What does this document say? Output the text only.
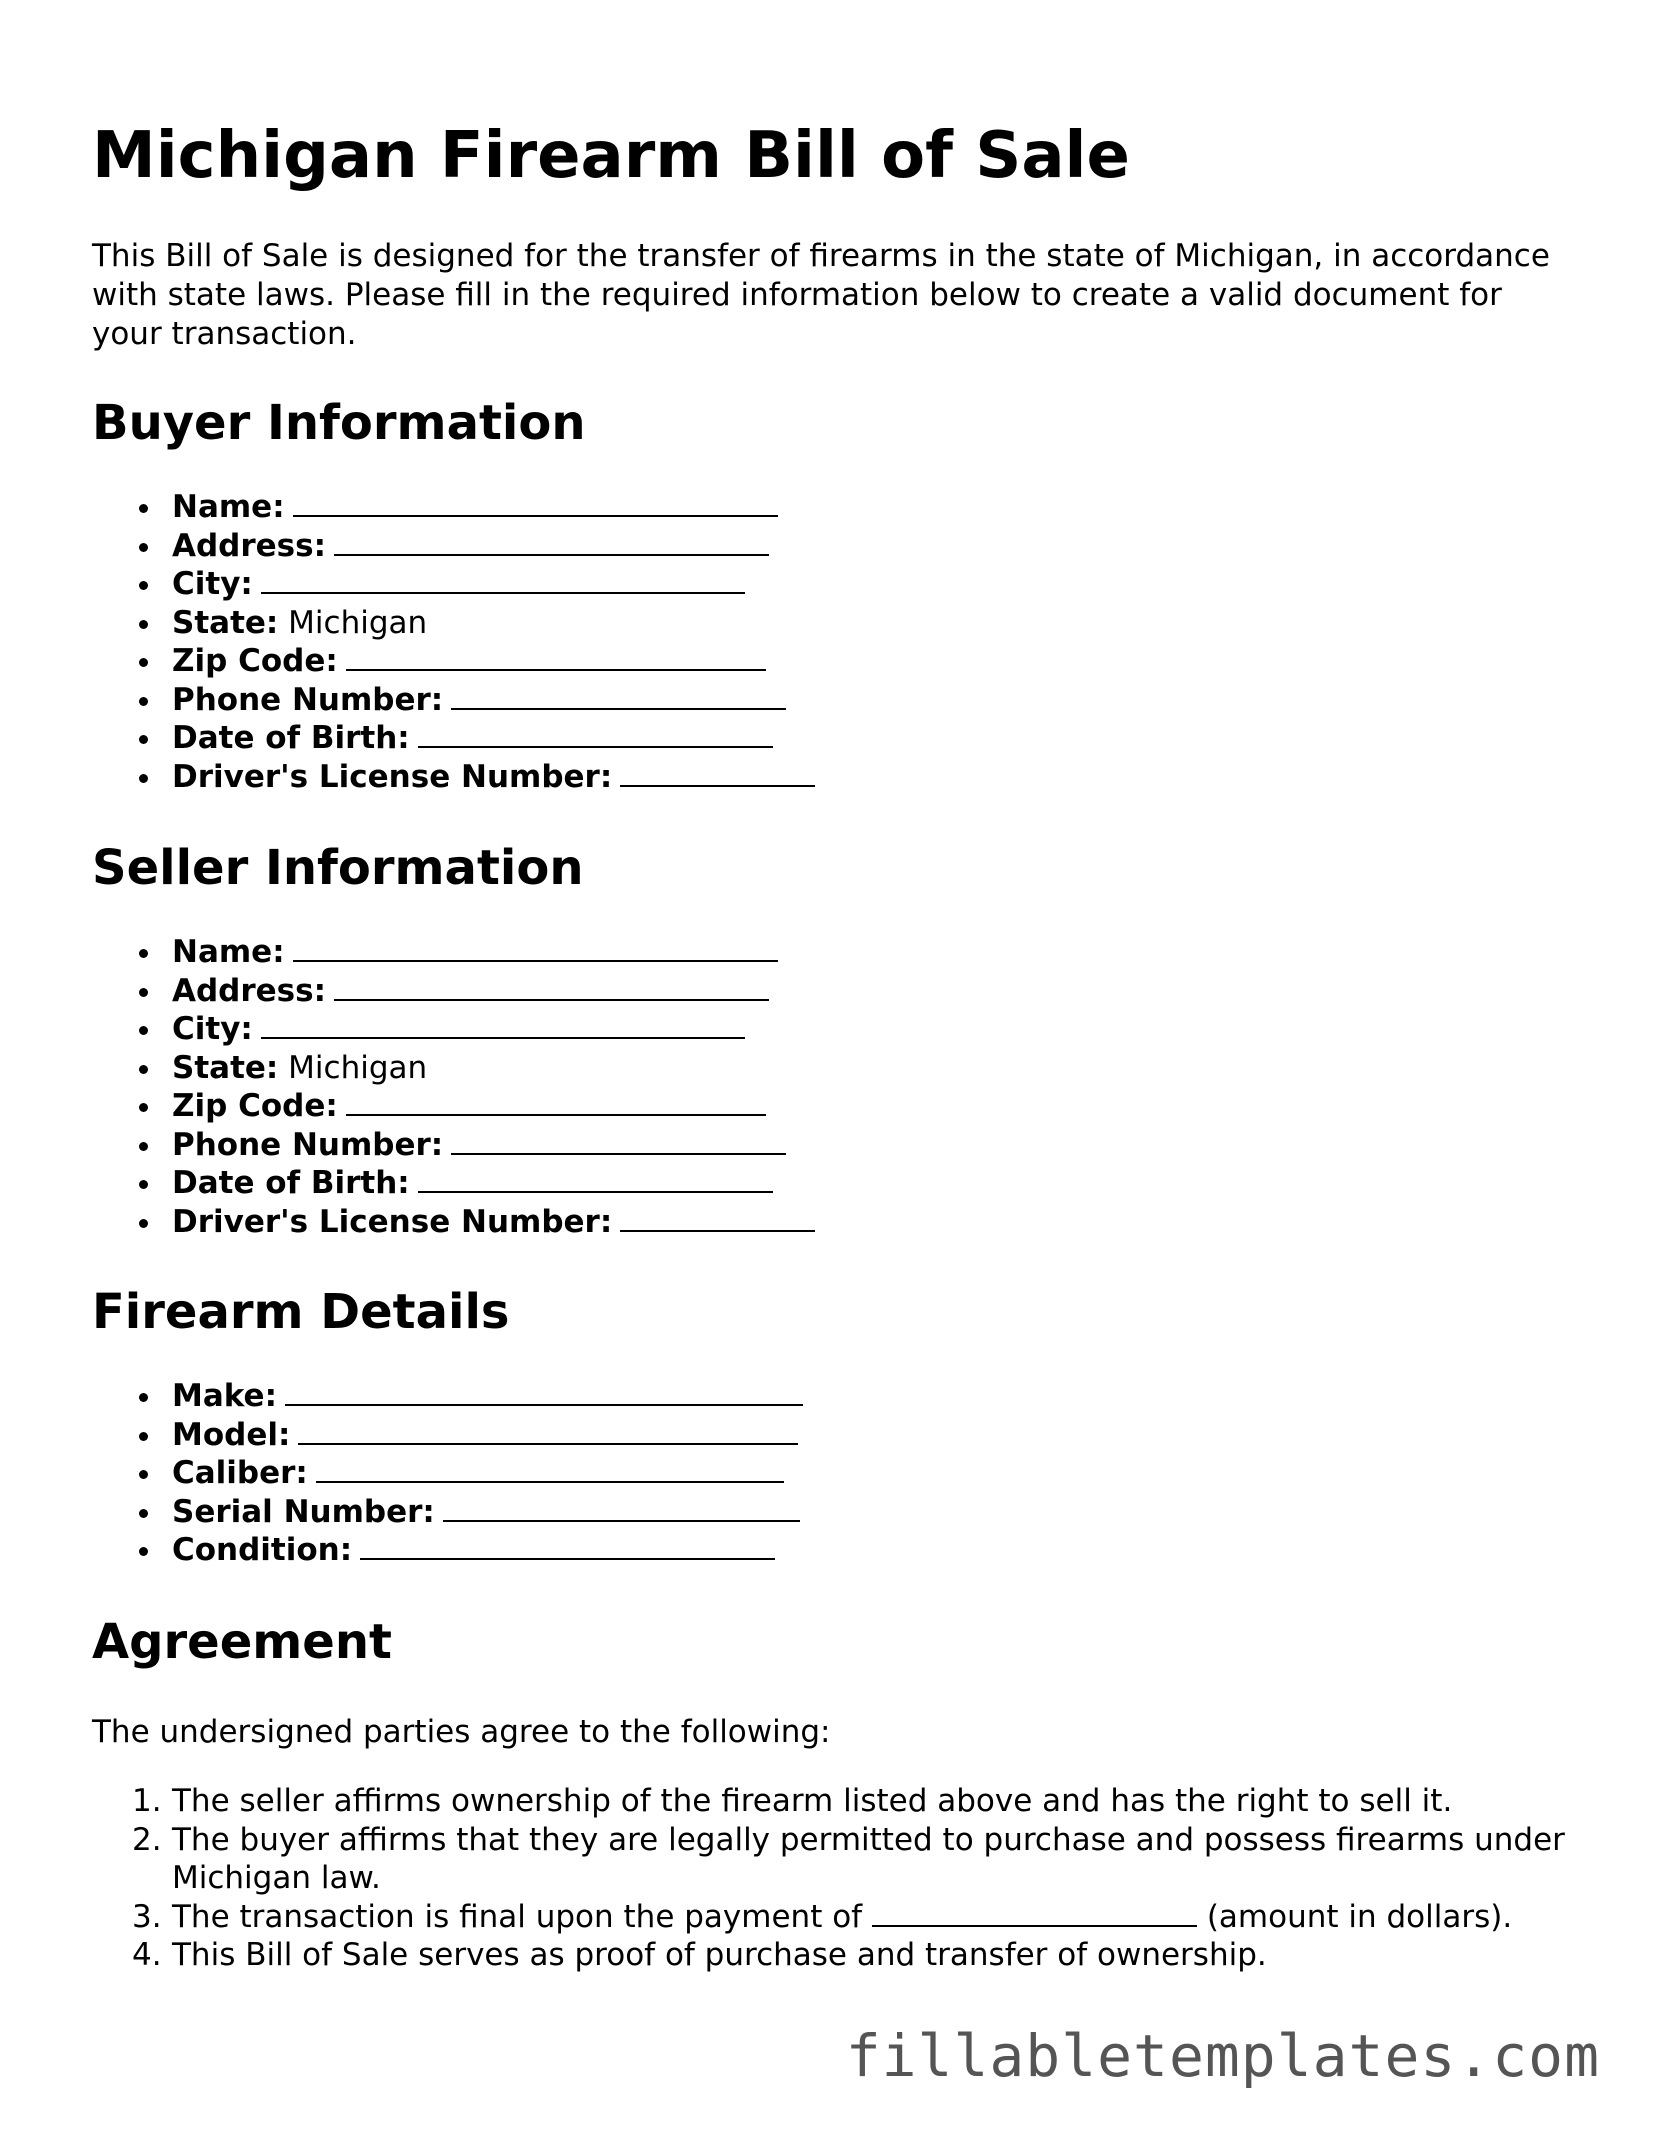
Michigan Firearm Bill of Sale

This Bill of Sale is designed for the transfer of firearms in the state of Michigan, in accordance with state laws. Please fill in the required information below to create a valid document for your transaction.

Buyer Information
Name:
Address:
City:
State: Michigan
Zip Code:
Phone Number:
Date of Birth:
Driver's License Number:
Seller Information
Name:
Address:
City:
State: Michigan
Zip Code:
Phone Number:
Date of Birth:
Driver's License Number:
Firearm Details
Make:
Model:
Caliber:
Serial Number:
Condition:
Agreement

The undersigned parties agree to the following:

1. The seller affirms ownership of the firearm listed above and has the right to sell it.
2. The buyer affirms that they are legally permitted to purchase and possess firearms under Michigan law.
3. The transaction is final upon the payment of	(amount in dollars).
4. This Bill of Sale serves as proof of purchase and transfer of ownership.
fillabletemplates.com
